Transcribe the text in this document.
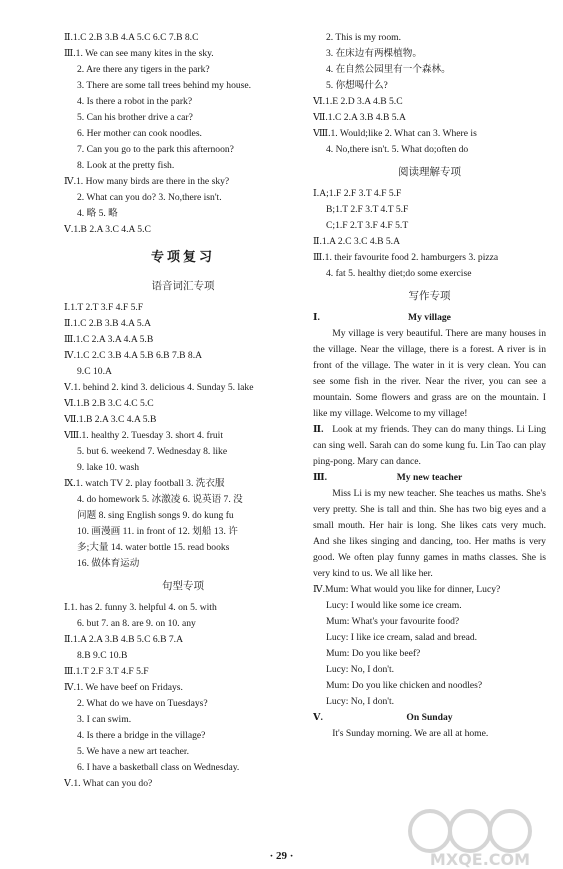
Ⅱ.1.C 2.B 3.B 4.A 5.C 6.C 7.B 8.C
Ⅲ.1. We can see many kites in the sky.
2. Are there any tigers in the park?
3. There are some tall trees behind my house.
4. Is there a robot in the park?
5. Can his brother drive a car?
6. Her mother can cook noodles.
7. Can you go to the park this afternoon?
8. Look at the pretty fish.
Ⅳ.1. How many birds are there in the sky?
2. What can you do? 3. No,there isn't.
4. 略 5. 略
Ⅴ.1.B 2.A 3.C 4.A 5.C
专项复习
语音词汇专项
Ⅰ.1.T 2.T 3.F 4.F 5.F
Ⅱ.1.C 2.B 3.B 4.A 5.A
Ⅲ.1.C 2.A 3.A 4.A 5.B
Ⅳ.1.C 2.C 3.B 4.A 5.B 6.B 7.B 8.A
9.C 10.A
Ⅴ.1. behind 2. kind 3. delicious 4. Sunday 5. lake
Ⅵ.1.B 2.B 3.C 4.C 5.C
Ⅶ.1.B 2.A 3.C 4.A 5.B
Ⅷ.1. healthy 2. Tuesday 3. short 4. fruit
5. but 6. weekend 7. Wednesday 8. like
9. lake 10. wash
Ⅸ.1. watch TV 2. play football 3. 洗衣服
4. do homework 5. 冰激凌 6. 说英语 7. 没
问题 8. sing English songs 9. do kung fu
10. 画漫画 11. in front of 12. 划船 13. 许
多;大量 14. water bottle 15. read books
16. 做体育运动
句型专项
Ⅰ.1. has 2. funny 3. helpful 4. on 5. with
6. but 7. an 8. are 9. on 10. any
Ⅱ.1.A 2.A 3.B 4.B 5.C 6.B 7.A
8.B 9.C 10.B
Ⅲ.1.T 2.F 3.T 4.F 5.F
Ⅳ.1. We have beef on Fridays.
2. What do we have on Tuesdays?
3. I can swim.
4. Is there a bridge in the village?
5. We have a new art teacher.
6. I have a basketball class on Wednesday.
Ⅴ.1. What can you do?
2. This is my room.
3. 在床边有两棵植物。
4. 在自然公园里有一个森林。
5. 你想喝什么?
Ⅵ.1.E 2.D 3.A 4.B 5.C
Ⅶ.1.C 2.A 3.B 4.B 5.A
Ⅷ.1. Would;like 2. What can 3. Where is
4. No,there isn't. 5. What do;often do
阅读理解专项
Ⅰ.A;1.F 2.F 3.T 4.F 5.F
B;1.T 2.F 3.T 4.T 5.F
C;1.F 2.T 3.F 4.F 5.T
Ⅱ.1.A 2.C 3.C 4.B 5.A
Ⅲ.1. their favourite food 2. hamburgers 3. pizza
4. fat 5. healthy diet;do some exercise
写作专项
Ⅰ.	My village

My village is very beautiful. There are many houses in the village. Near the village, there is a forest. A river is in front of the village. The water in it is very clean. You can see some fish in the river. Near the river, you can see a mountain. Some flowers and grass are on the mountain. I like my village. Welcome to my village!

Ⅱ. Look at my friends. They can do many things. Li Ling can sing well. Sarah can do some kung fu. Lin Tao can play ping-pong. Mary can dance.

Ⅲ.	My new teacher

Miss Li is my new teacher. She teaches us maths. She's very pretty. She is tall and thin. She has two big eyes and a small mouth. Her hair is long. She likes cats very much. And she likes singing and dancing, too. Her maths is very good. We often play funny games in maths classes. She is very kind to us. We all like her.

Ⅳ.Mum: What would you like for dinner, Lucy?
Lucy: I would like some ice cream.
Mum: What's your favourite food?
Lucy: I like ice cream, salad and bread.
Mum: Do you like beef?
Lucy: No, I don't.
Mum: Do you like chicken and noodles?
Lucy: No, I don't.
Ⅴ.	On Sunday

It's Sunday morning. We are all at home.

· 29 ·	MXQE.COM
